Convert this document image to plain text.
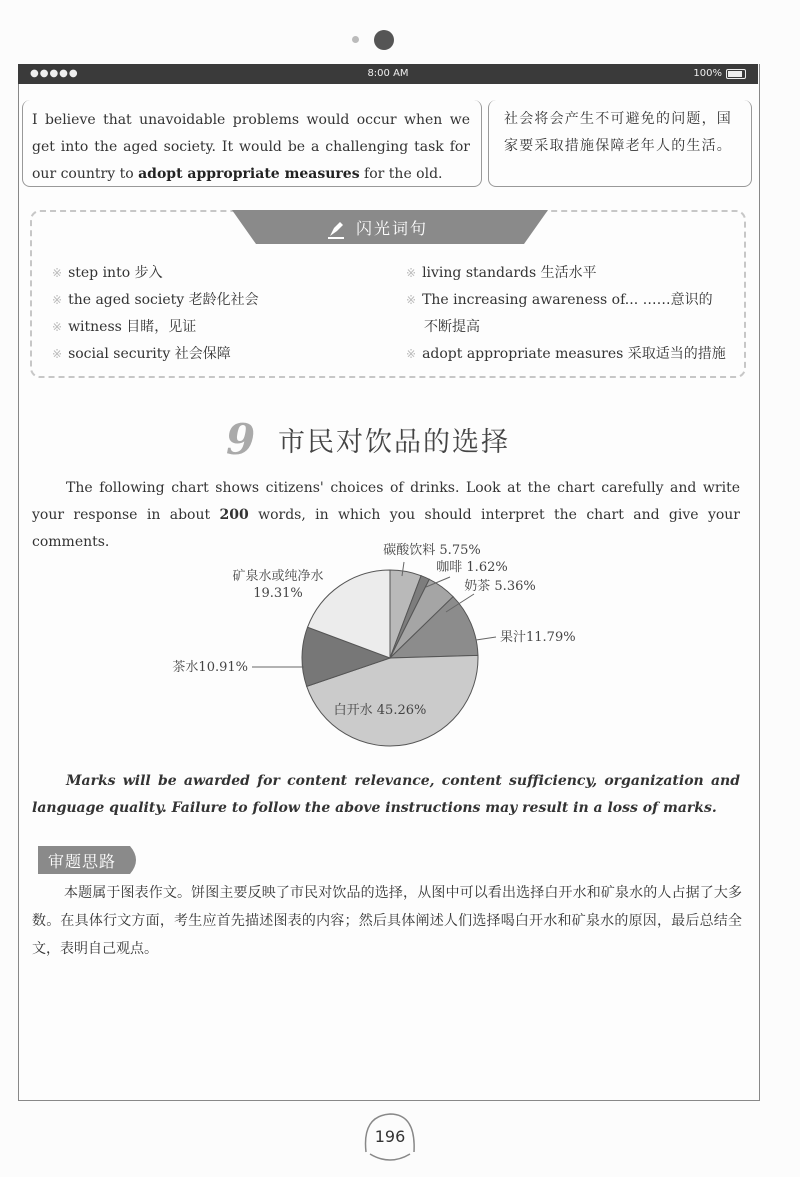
●●●●●	8:00 AM	100%
I believe that unavoidable problems would occur when we get into the aged society. It would be a challenging task for our country to adopt appropriate measures for the old.
社会将会产生不可避免的问题，国家要采取措施保障老年人的生活。
闪光词句
※ step into 步入
※ the aged society 老龄化社会
※ witness 目睹，见证
※ social security 社会保障
※ living standards 生活水平
※ The increasing awareness of... ……意识的
不断提高
※ adopt appropriate measures 采取适当的措施
9 市民对饮品的选择
The following chart shows citizens' choices of drinks. Look at the chart carefully and write your response in about 200 words, in which you should interpret the chart and give your comments.
碳酸饮料 5.75%
咖啡 1.62%
奶茶 5.36%
果汁11.79%
白开水 45.26%
茶水10.91%
矿泉水或纯净水
19.31%
Marks will be awarded for content relevance, content sufficiency, organization and language quality. Failure to follow the above instructions may result in a loss of marks.
审题思路
本题属于图表作文。饼图主要反映了市民对饮品的选择，从图中可以看出选择白开水和矿泉水的人占据了大多数。在具体行文方面，考生应首先描述图表的内容；然后具体阐述人们选择喝白开水和矿泉水的原因，最后总结全文，表明自己观点。
196
